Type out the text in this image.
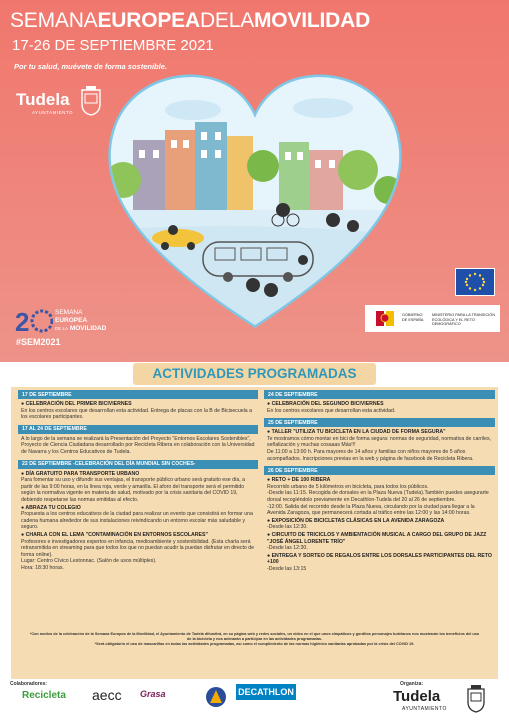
SEMANAEUROPEADELAMOVILIDAD
17-26 DE SEPTIEMBRE 2021
Por tu salud, muévete de forma sostenible.
Tudela
AYUNTAMIENTO
2	SEMANA
EUROPEA
DE LA MOVILIDAD
#SEM2021
GOBIERNO DE ESPAÑA
MINISTERIO PARA LA TRANSICIÓN ECOLÓGICA Y EL RETO DEMOGRÁFICO
ACTIVIDADES PROGRAMADAS
17 DE SEPTIEMBRE
● CELEBRACIÓN DEL PRIMER BICIVIERNES

En los centros escolares que desarrollan esta actividad. Entrega de placas con la B de Bicisecuela a los escolares participantes.

17 AL 24 DE SEPTIEMBRE

A lo largo de la semana se realizará la Presentación del Proyecto "Entornos Escolares Sostenibles", Proyecto de Ciencia Ciudadana desarrollado por Recicleta Ribera en colaboración con la Universidad de Navarra y los Centros Educativos de Tudela.

22 DE SEPTIEMBRE -CELEBRACIÓN DEL DÍA MUNDIAL SIN COCHES-
● DÍA GRATUITO PARA TRANSPORTE URBANO

Para fomentar su uso y difundir sus ventajas, el transporte público urbano será gratuito ese día, a partir de las 9:00 horas, en la línea roja, verde y amarilla. El aforo del transporte será el permitido según la normativa vigente en materia de salud, motivado por la crisis sanitaria del COVID 19, debiendo respetarse las normas emitidas al efecto.

● ABRAZA TU COLEGIO

Propuesta a los centros educativos de la ciudad para realizar un evento que consistirá en formar una cadena humana alrededor de sus instalaciones reivindicando un entorno escolar más saludable y seguro.

● CHARLA CON EL LEMA "CONTAMINACIÓN EN ENTORNOS ESCOLARES"

Profesores e investigadores expertos en infancia, medioambiente y sostenibilidad. (Esta charla será retransmitida en streaming para que todos los que no puedan acudir la puedan disfrutar en directo de forma online).

Lugar: Centro Cívico Lestonnac. (Salón de usos múltiples).

Hora: 18:30 horas.

24 DE SEPTIEMBRE
● CELEBRACIÓN DEL SEGUNDO BICIVIERNES

En los centros escolares que desarrollan esta actividad.

25 DE SEPTIEMBRE
● TALLER "UTILIZA TU BICICLETA EN LA CIUDAD DE FORMA SEGURA"

Te mostramos cómo montar en bici de forma segura: normas de seguridad, normativa de carriles, señalización y muchas cosaaas Más!!!

De 11:00 a 13:00 h. Para mayores de 14 años y familias con niños mayores de 5 años acompañados. Inscripciones previas en la web y página de facebook de Recicleta Ribera.

26 DE SEPTIEMBRE
● RETO + DE 100 RIBERA

Recorrido urbano de 5 kilómetros en bicicleta, para todos los públicos.

-Desde las 11:15. Recogida de dorsales en la Plaza Nueva (Tudela).También puedes asegurarte dorsal recogiéndolo previamente en Decathlon-Tudela del 20 al 26 de septiembre.

-12:00. Salida del recorrido desde la Plaza Nueva, circulando por la ciudad para llegar a la Avenida Zaragoza, que permanecerá cortada al tráfico entre las 12:00 y las 14:00 horas.

● EXPOSICIÓN DE BICICLETAS CLÁSICAS EN LA AVENIDA ZARAGOZA

-Desde las 12:30.

● CIRCUITO DE TRICICLOS Y AMBIENTACIÓN MUSICAL A CARGO DEL GRUPO DE JAZZ "JOSÉ ÁNGEL LORENTE TRÍO"

-Desde las 12:30.

● ENTREGA Y SORTEO DE REGALOS ENTRE LOS DORSALES PARTICIPANTES DEL RETO +100

-Desde las 13:15

*Con motivo de la celebración de la Semana Europea de la Movilidad, el Ayuntamiento de Tudela difundirá, en su página web y redes sociales, un vídeo en el que unos simpáticos y gorditos personajes tudelanos nos mostrarán los beneficios del uso de la bicicleta y nos animarán a participar en las actividades programadas.
*Será obligatorio el uso de mascarillas en todas las actividades programadas, así como el cumplimiento de las normas higiénico sanitarias aprobadas por la crisis del COVID 19.
Colaboradores:
Recicleta aecc Grasa	DECATHLON
Organiza:
Tudela
AYUNTAMIENTO
